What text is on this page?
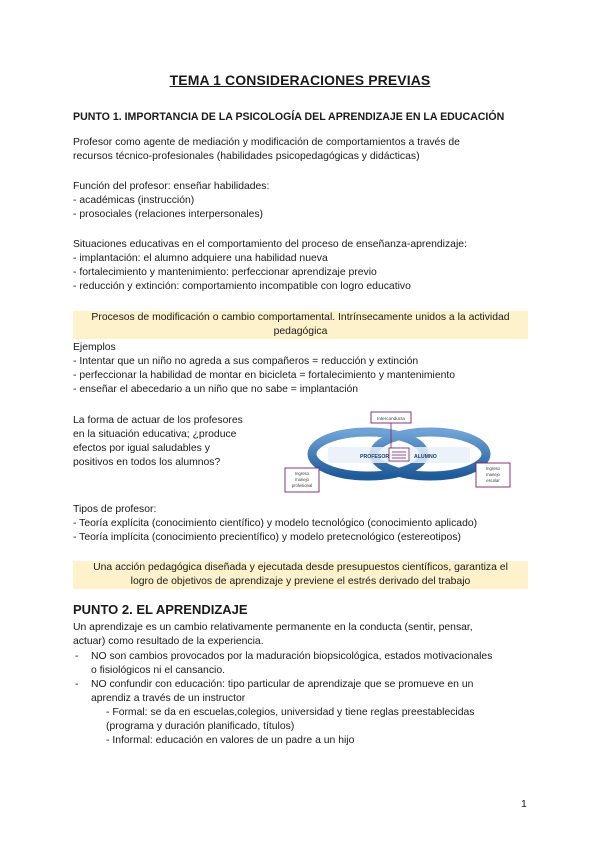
TEMA 1 CONSIDERACIONES PREVIAS
PUNTO 1. IMPORTANCIA DE LA PSICOLOGÍA DEL APRENDIZAJE EN LA EDUCACIÓN
Profesor como agente de mediación y modificación de comportamientos a través de
recursos técnico-profesionales (habilidades psicopedagógicas y didácticas)
Función del profesor: enseñar habilidades:
- académicas (instrucción)
- prosociales (relaciones interpersonales)
Situaciones educativas en el comportamiento del proceso de enseñanza-aprendizaje:
- implantación: el alumno adquiere una habilidad nueva
- fortalecimiento y mantenimiento: perfeccionar aprendizaje previo
- reducción y extinción: comportamiento incompatible con logro educativo
Procesos de modificación o cambio comportamental. Intrínsecamente unidos a la actividad
pedagógica
Ejemplos
- Intentar que un niño no agreda a sus compañeros = reducción y extinción
- perfeccionar la habilidad de montar en bicicleta = fortalecimiento y mantenimiento
- enseñar el abecedario a un niño que no sabe = implantación
La forma de actuar de los profesores
en la situación educativa; ¿produce
efectos por igual saludables y
positivos en todos los alumnos?	PROFESOR	ALUMNO
Interconducta
Ingreso
manejo
profesional
Ingreso
manejo
escolar
Tipos de profesor:
- Teoría explícita (conocimiento científico) y modelo tecnológico (conocimiento aplicado)
- Teoría implícita (conocimiento precientífico) y modelo pretecnológico (estereotipos)
Una acción pedagógica diseñada y ejecutada desde presupuestos científicos, garantiza el
logro de objetivos de aprendizaje y previene el estrés derivado del trabajo
PUNTO 2. EL APRENDIZAJE
Un aprendizaje es un cambio relativamente permanente en la conducta (sentir, pensar,
actuar) como resultado de la experiencia.
- NO son cambios provocados por la maduración biopsicológica, estados motivacionales
o fisiológicos ni el cansancio.
- NO confundir con educación: tipo particular de aprendizaje que se promueve en un
aprendiz a través de un instructor
- Formal: se da en escuelas,colegios, universidad y tiene reglas preestablecidas
(programa y duración planificado, títulos)
- Informal: educación en valores de un padre a un hijo
1
